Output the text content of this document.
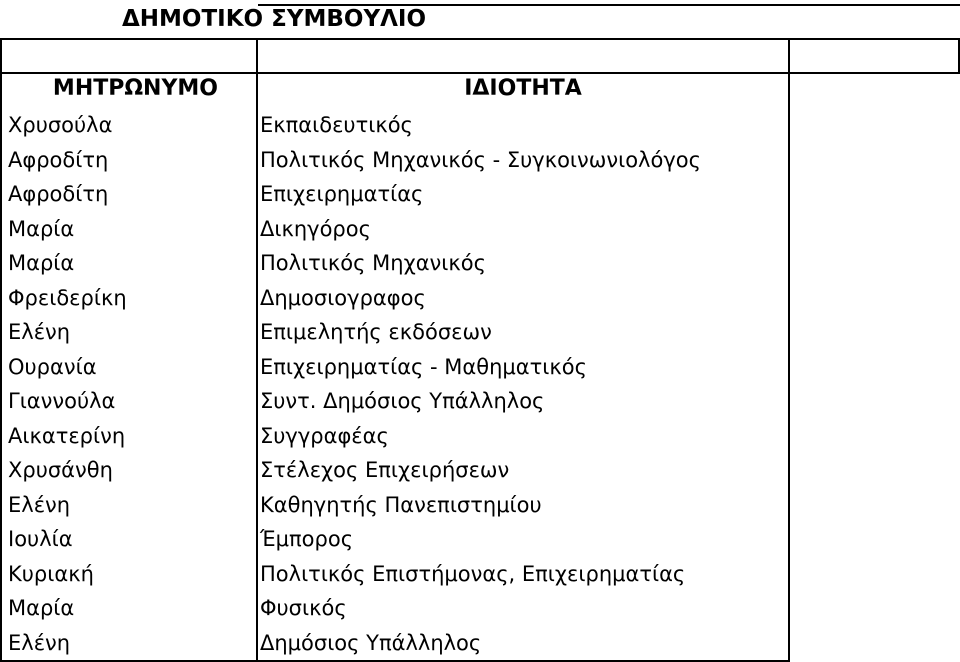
ΔΗΜΟΤΙΚΟ ΣΥΜΒΟΥΛΙΟ
ΜΗΤΡΩΝΥΜΟ	ΙΔΙΟΤΗΤΑ
Χρυσούλα	Εκπαιδευτικός
Αφροδίτη	Πολιτικός Μηχανικός - Συγκοινωνιολόγος
Αφροδίτη	Επιχειρηματίας
Μαρία	Δικηγόρος
Μαρία	Πολιτικός Μηχανικός
Φρειδερίκη	Δημοσιογραφος
Ελένη	Επιμελητής εκδόσεων
Ουρανία	Επιχειρηματίας - Μαθηματικός
Γιαννούλα	Συντ. Δημόσιος Υπάλληλος
Αικατερίνη	Συγγραφέας
Χρυσάνθη	Στέλεχος Επιχειρήσεων
Ελένη	Καθηγητής Πανεπιστημίου
Ιουλία	Έμπορος
Κυριακή	Πολιτικός Επιστήμονας, Επιχειρηματίας
Μαρία	Φυσικός
Ελένη	Δημόσιος Υπάλληλος
